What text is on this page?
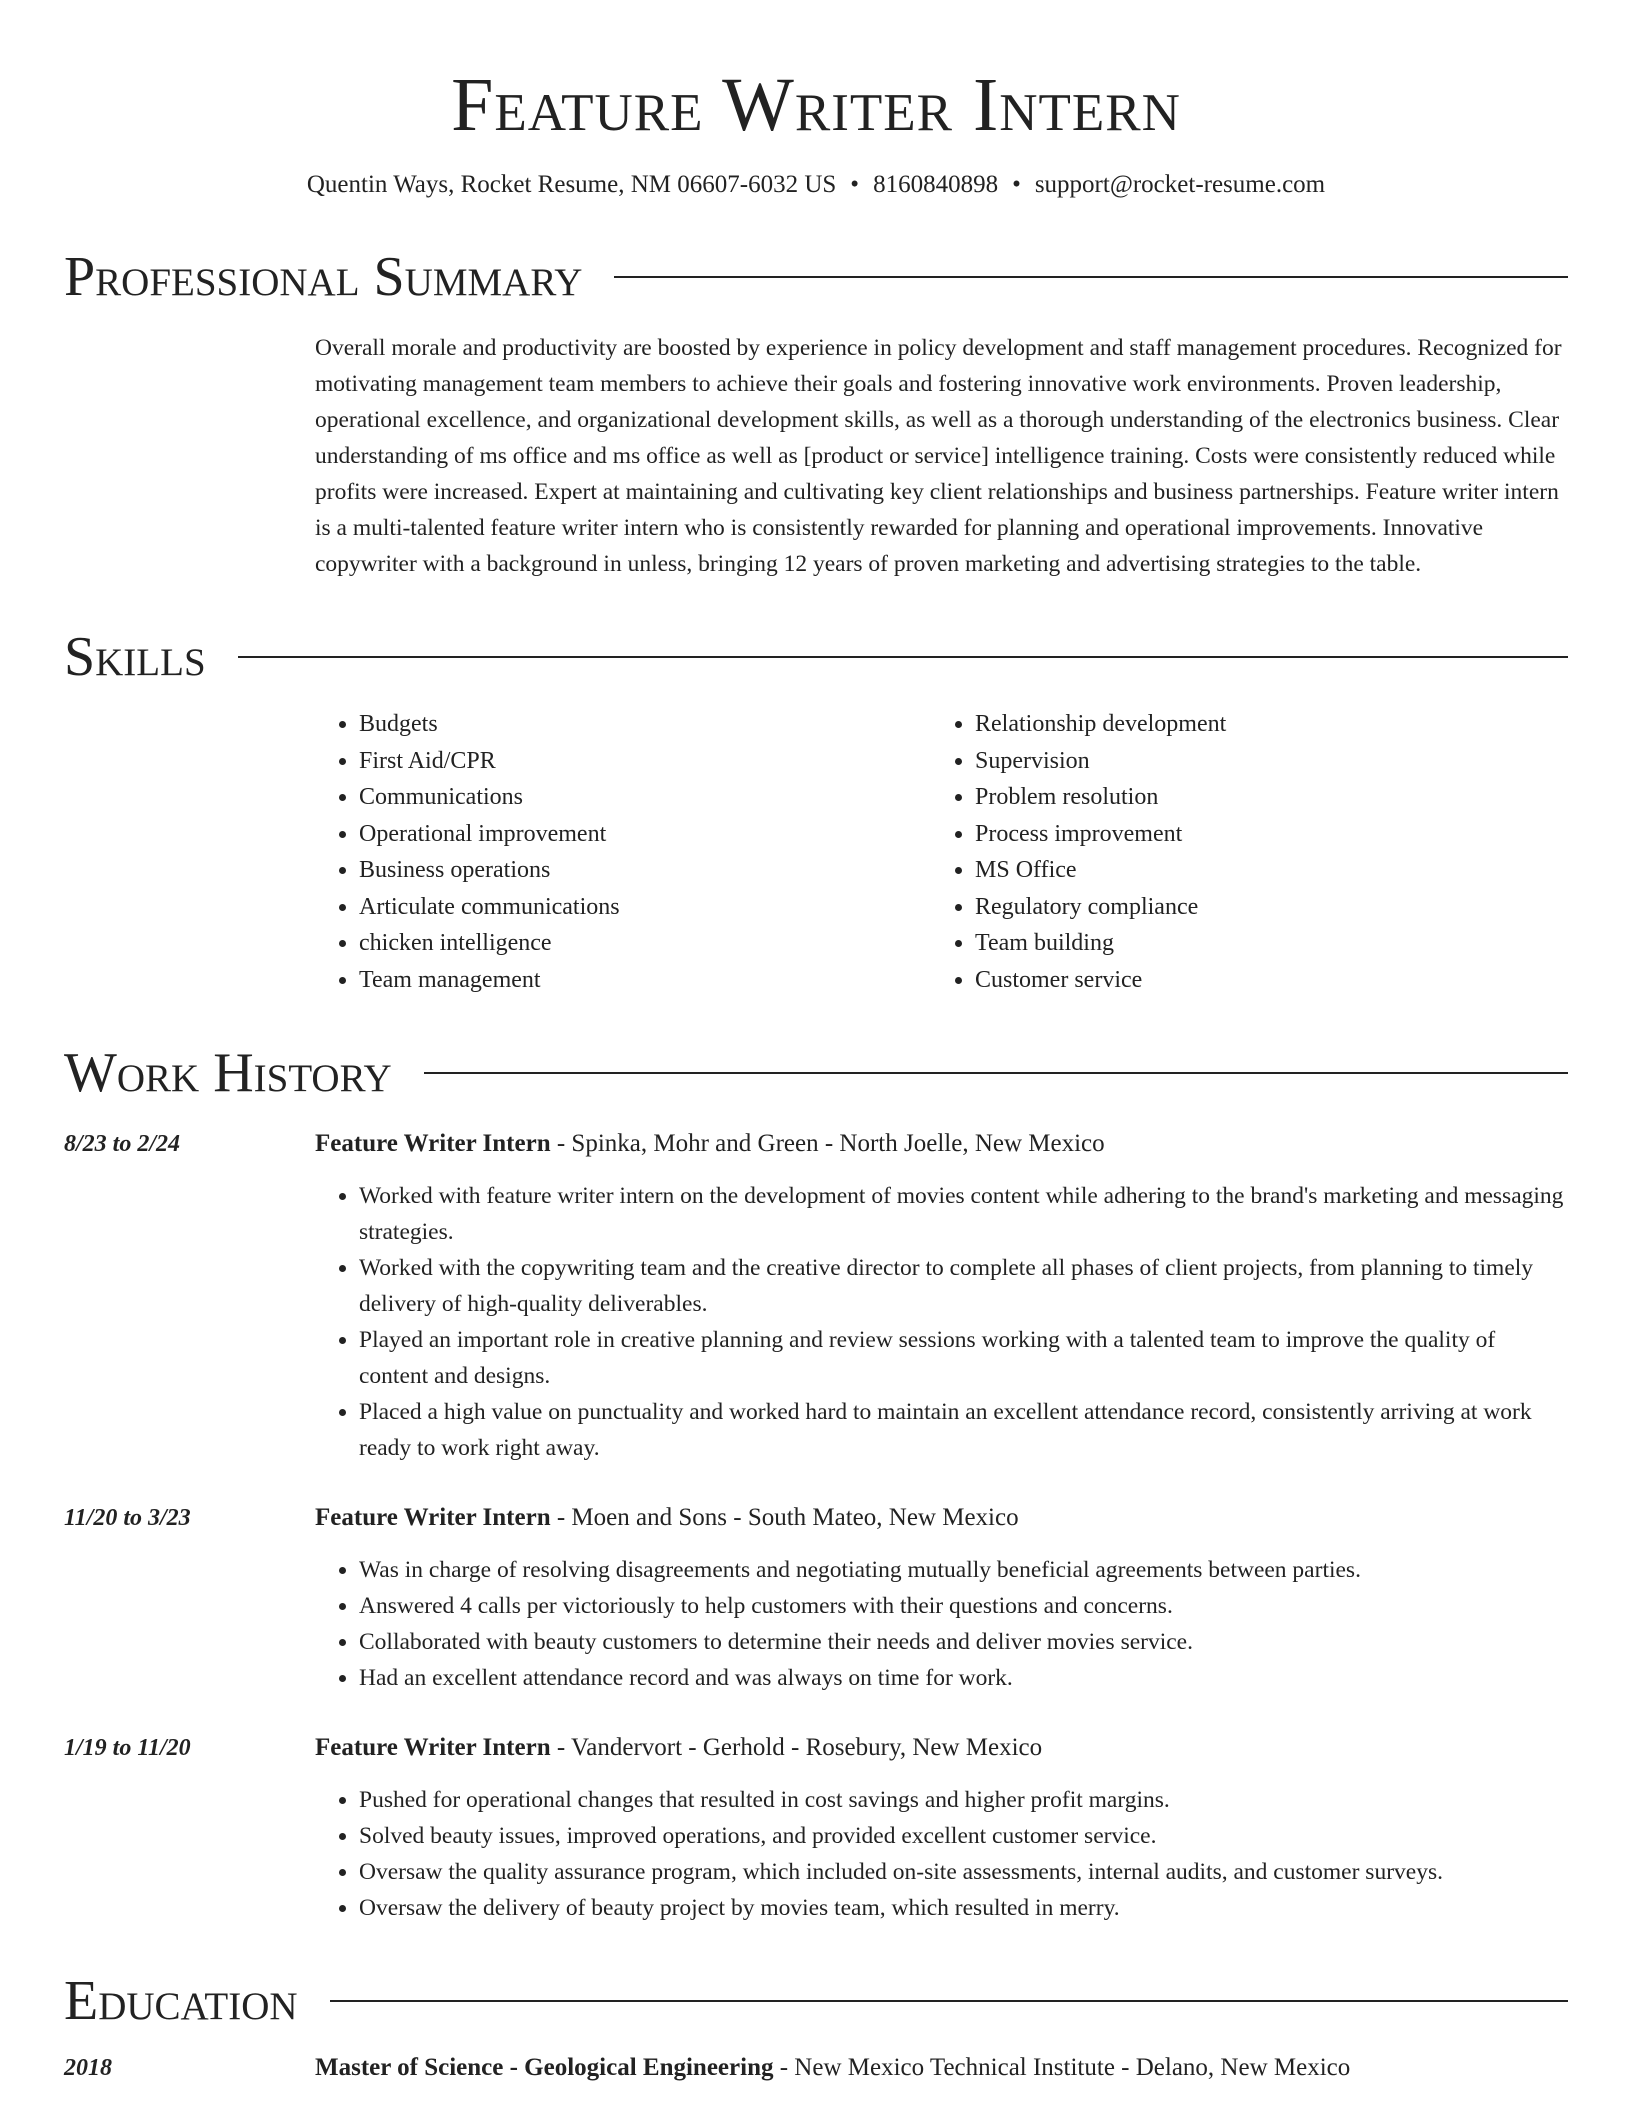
Feature Writer Intern
Quentin Ways, Rocket Resume, NM 06607-6032 US • 8160840898 • support@rocket-resume.com
Professional Summary
Overall morale and productivity are boosted by experience in policy development and staff management procedures. Recognized for motivating management team members to achieve their goals and fostering innovative work environments. Proven leadership, operational excellence, and organizational development skills, as well as a thorough understanding of the electronics business. Clear understanding of ms office and ms office as well as [product or service] intelligence training. Costs were consistently reduced while profits were increased. Expert at maintaining and cultivating key client relationships and business partnerships. Feature writer intern is a multi-talented feature writer intern who is consistently rewarded for planning and operational improvements. Innovative copywriter with a background in unless, bringing 12 years of proven marketing and advertising strategies to the table.
Skills
• Budgets
• First Aid/CPR
• Communications
• Operational improvement
• Business operations
• Articulate communications
• chicken intelligence
• Team management
• Relationship development
• Supervision
• Problem resolution
• Process improvement
• MS Office
• Regulatory compliance
• Team building
• Customer service
Work History
8/23 to 2/24	Feature Writer Intern - Spinka, Mohr and Green - North Joelle, New Mexico
• Worked with feature writer intern on the development of movies content while adhering to the brand's marketing and messaging strategies.
• Worked with the copywriting team and the creative director to complete all phases of client projects, from planning to timely delivery of high-quality deliverables.
• Played an important role in creative planning and review sessions working with a talented team to improve the quality of content and designs.
• Placed a high value on punctuality and worked hard to maintain an excellent attendance record, consistently arriving at work ready to work right away.
11/20 to 3/23	Feature Writer Intern - Moen and Sons - South Mateo, New Mexico
• Was in charge of resolving disagreements and negotiating mutually beneficial agreements between parties.
• Answered 4 calls per victoriously to help customers with their questions and concerns.
• Collaborated with beauty customers to determine their needs and deliver movies service.
• Had an excellent attendance record and was always on time for work.
1/19 to 11/20	Feature Writer Intern - Vandervort - Gerhold - Rosebury, New Mexico
• Pushed for operational changes that resulted in cost savings and higher profit margins.
• Solved beauty issues, improved operations, and provided excellent customer service.
• Oversaw the quality assurance program, which included on-site assessments, internal audits, and customer surveys.
• Oversaw the delivery of beauty project by movies team, which resulted in merry.
Education
2018	Master of Science - Geological Engineering - New Mexico Technical Institute - Delano, New Mexico
